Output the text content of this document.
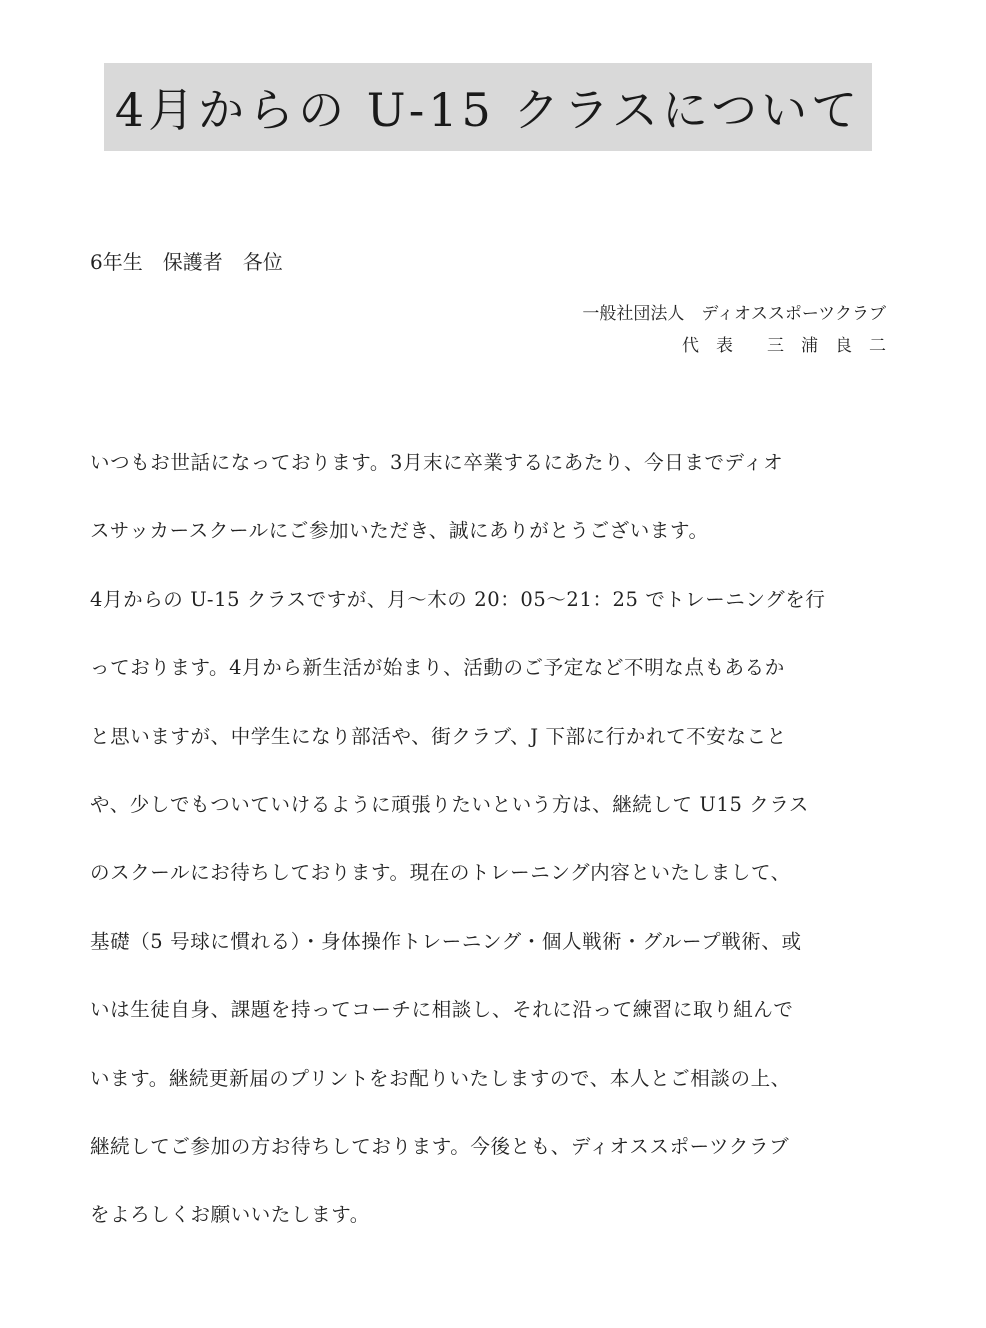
4月からの U-15 クラスについて
6年生　保護者　各位
一般社団法人　ディオススポーツクラブ
代　表　　三　浦　良　二
いつもお世話になっております。3月末に卒業するにあたり、今日までディオ
スサッカースクールにご参加いただき、誠にありがとうございます。
4月からの U-15 クラスですが、月〜木の 20：05〜21：25 でトレーニングを行
っております。4月から新生活が始まり、活動のご予定など不明な点もあるか
と思いますが、中学生になり部活や、街クラブ、J 下部に行かれて不安なこと
や、少しでもついていけるように頑張りたいという方は、継続して U15 クラス
のスクールにお待ちしております。現在のトレーニング内容といたしまして、
基礎（5 号球に慣れる）・身体操作トレーニング・個人戦術・グループ戦術、或
いは生徒自身、課題を持ってコーチに相談し、それに沿って練習に取り組んで
います。継続更新届のプリントをお配りいたしますので、本人とご相談の上、
継続してご参加の方お待ちしております。今後とも、ディオススポーツクラブ
をよろしくお願いいたします。
